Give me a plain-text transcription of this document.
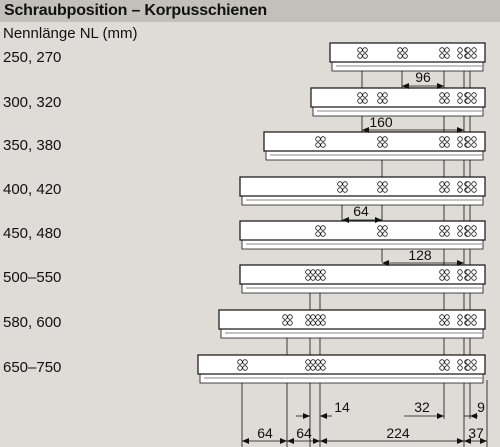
Schraubposition – Korpusschienen
Nennlänge NL (mm)
250, 270
300, 320
350, 380
400, 420
450, 480
500–550
580, 600
650–750
96
160
64
128
14	32	9
64 64	224	37
